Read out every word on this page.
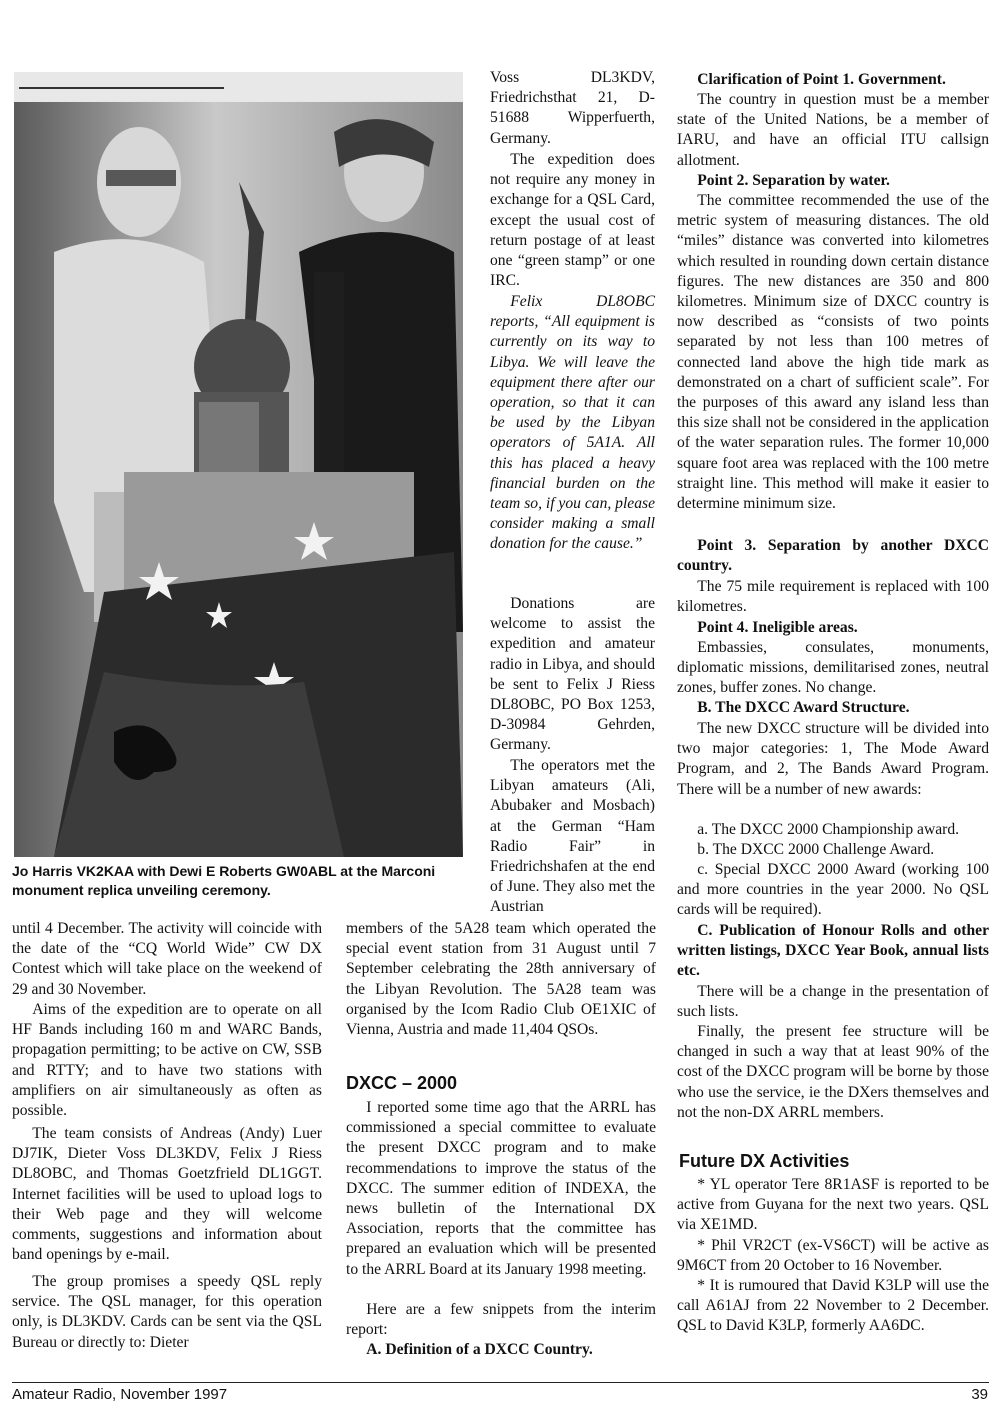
Jo Harris VK2KAA with Dewi E Roberts GW0ABL at the Marconi monument replica unveiling ceremony.

Voss DL3KDV, Friedrichsthat 21, D-51688 Wipperfuerth, Germany.

The expedition does not require any money in exchange for a QSL Card, except the usual cost of return postage of at least one “green stamp” or one IRC.

Felix DL8OBC reports, “All equipment is currently on its way to Libya. We will leave the equipment there after our operation, so that it can be used by the Libyan operators of 5A1A. All this has placed a heavy financial burden on the team so, if you can, please consider making a small donation for the cause.”

Donations are welcome to assist the expedition and amateur radio in Libya, and should be sent to Felix J Riess DL8OBC, PO Box 1253, D-30984 Gehrden, Germany.

The operators met the Libyan amateurs (Ali, Abubaker and Mosbach) at the German “Ham Radio Fair” in Friedrichshafen at the end of June. They also met the Austrian

until 4 December. The activity will coincide with the date of the “CQ World Wide” CW DX Contest which will take place on the weekend of 29 and 30 November.

Aims of the expedition are to operate on all HF Bands including 160 m and WARC Bands, propagation permitting; to be active on CW, SSB and RTTY; and to have two stations with amplifiers on air simultaneously as often as possible.

The team consists of Andreas (Andy) Luer DJ7IK, Dieter Voss DL3KDV, Felix J Riess DL8OBC, and Thomas Goetzfrield DL1GGT. Internet facilities will be used to upload logs to their Web page and they will welcome comments, suggestions and information about band openings by e-mail.

The group promises a speedy QSL reply service. The QSL manager, for this operation only, is DL3KDV. Cards can be sent via the QSL Bureau or directly to: Dieter

members of the 5A28 team which operated the special event station from 31 August until 7 September celebrating the 28th anniversary of the Libyan Revolution. The 5A28 team was organised by the Icom Radio Club OE1XIC of Vienna, Austria and made 11,404 QSOs.

DXCC – 2000

I reported some time ago that the ARRL has commissioned a special committee to evaluate the present DXCC program and to make recommendations to improve the status of the DXCC. The summer edition of INDEXA, the news bulletin of the International DX Association, reports that the committee has prepared an evaluation which will be presented to the ARRL Board at its January 1998 meeting.

Here are a few snippets from the interim report:

A. Definition of a DXCC Country.

Clarification of Point 1. Government.

The country in question must be a member state of the United Nations, be a member of IARU, and have an official ITU callsign allotment.

Point 2. Separation by water.

The committee recommended the use of the metric system of measuring distances. The old “miles” distance was converted into kilometres which resulted in rounding down certain distance figures. The new distances are 350 and 800 kilometres. Minimum size of DXCC country is now described as “consists of two points separated by not less than 100 metres of connected land above the high tide mark as demonstrated on a chart of sufficient scale”. For the purposes of this award any island less than this size shall not be considered in the application of the water separation rules. The former 10,000 square foot area was replaced with the 100 metre straight line. This method will make it easier to determine minimum size.

Point 3. Separation by another DXCC country.

The 75 mile requirement is replaced with 100 kilometres.

Point 4. Ineligible areas.

Embassies, consulates, monuments, diplomatic missions, demilitarised zones, neutral zones, buffer zones. No change.

B. The DXCC Award Structure.

The new DXCC structure will be divided into two major categories: 1, The Mode Award Program, and 2, The Bands Award Program. There will be a number of new awards:

a. The DXCC 2000 Championship award.

b. The DXCC 2000 Challenge Award.

c. Special DXCC 2000 Award (working 100 and more countries in the year 2000. No QSL cards will be required).

C. Publication of Honour Rolls and other written listings, DXCC Year Book, annual lists etc.

There will be a change in the presentation of such lists.

Finally, the present fee structure will be changed in such a way that at least 90% of the cost of the DXCC program will be borne by those who use the service, ie the DXers themselves and not the non-DX ARRL members.

Future DX Activities

* YL operator Tere 8R1ASF is reported to be active from Guyana for the next two years. QSL via XE1MD.

* Phil VR2CT (ex-VS6CT) will be active as 9M6CT from 20 October to 16 November.

* It is rumoured that David K3LP will use the call A61AJ from 22 November to 2 December. QSL to David K3LP, formerly AA6DC.

Amateur Radio, November 1997	39
